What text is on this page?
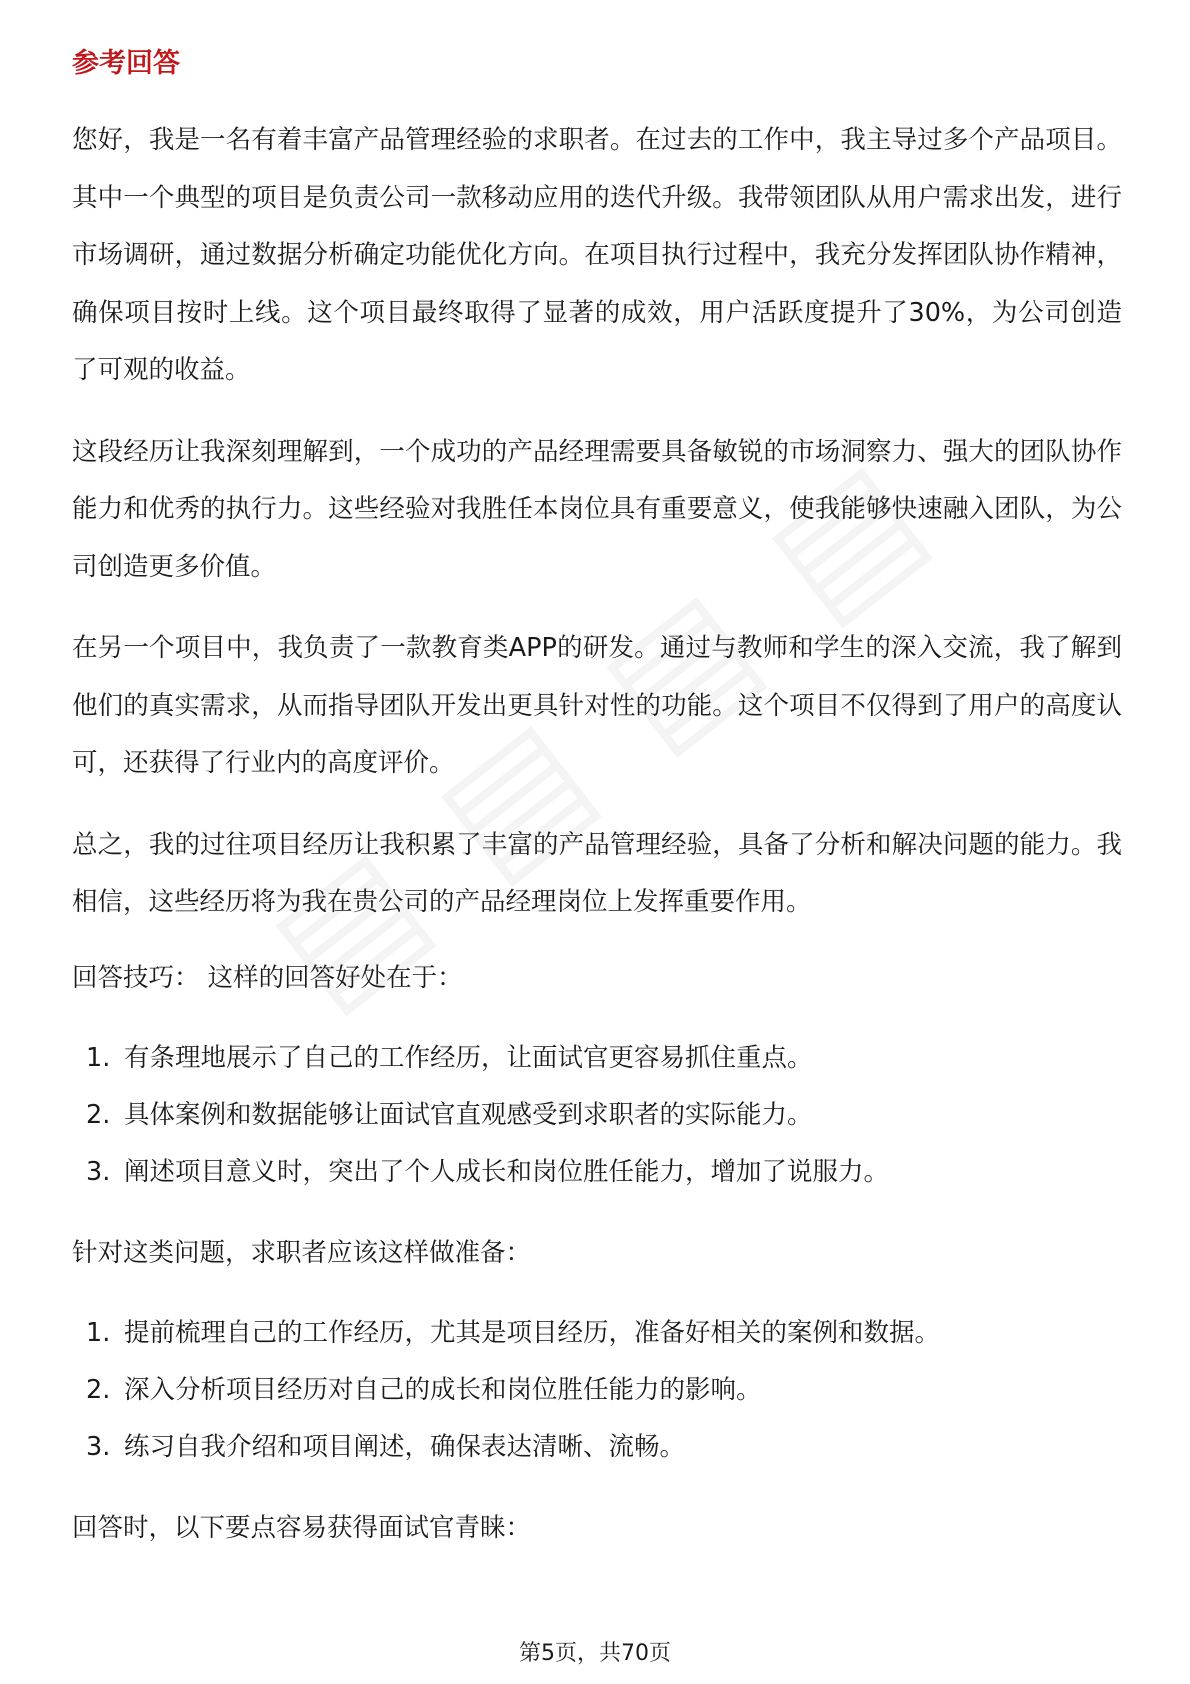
参考回答

您好，我是一名有着丰富产品管理经验的求职者。在过去的工作中，我主导过多个产品项目。其中一个典型的项目是负责公司一款移动应用的迭代升级。我带领团队从用户需求出发，进行市场调研，通过数据分析确定功能优化方向。在项目执行过程中，我充分发挥团队协作精神，确保项目按时上线。这个项目最终取得了显著的成效，用户活跃度提升了30%，为公司创造了可观的收益。

这段经历让我深刻理解到，一个成功的产品经理需要具备敏锐的市场洞察力、强大的团队协作能力和优秀的执行力。这些经验对我胜任本岗位具有重要意义，使我能够快速融入团队，为公司创造更多价值。

在另一个项目中，我负责了一款教育类APP的研发。通过与教师和学生的深入交流，我了解到他们的真实需求，从而指导团队开发出更具针对性的功能。这个项目不仅得到了用户的高度认可，还获得了行业内的高度评价。

总之，我的过往项目经历让我积累了丰富的产品管理经验，具备了分析和解决问题的能力。我相信，这些经历将为我在贵公司的产品经理岗位上发挥重要作用。

回答技巧： 这样的回答好处在于：
1. 有条理地展示了自己的工作经历，让面试官更容易抓住重点。
2. 具体案例和数据能够让面试官直观感受到求职者的实际能力。
3. 阐述项目意义时，突出了个人成长和岗位胜任能力，增加了说服力。
针对这类问题，求职者应该这样做准备：
1. 提前梳理自己的工作经历，尤其是项目经历，准备好相关的案例和数据。
2. 深入分析项目经历对自己的成长和岗位胜任能力的影响。
3. 练习自我介绍和项目阐述，确保表达清晰、流畅。
回答时，以下要点容易获得面试官青睐：
第5页，共70页
